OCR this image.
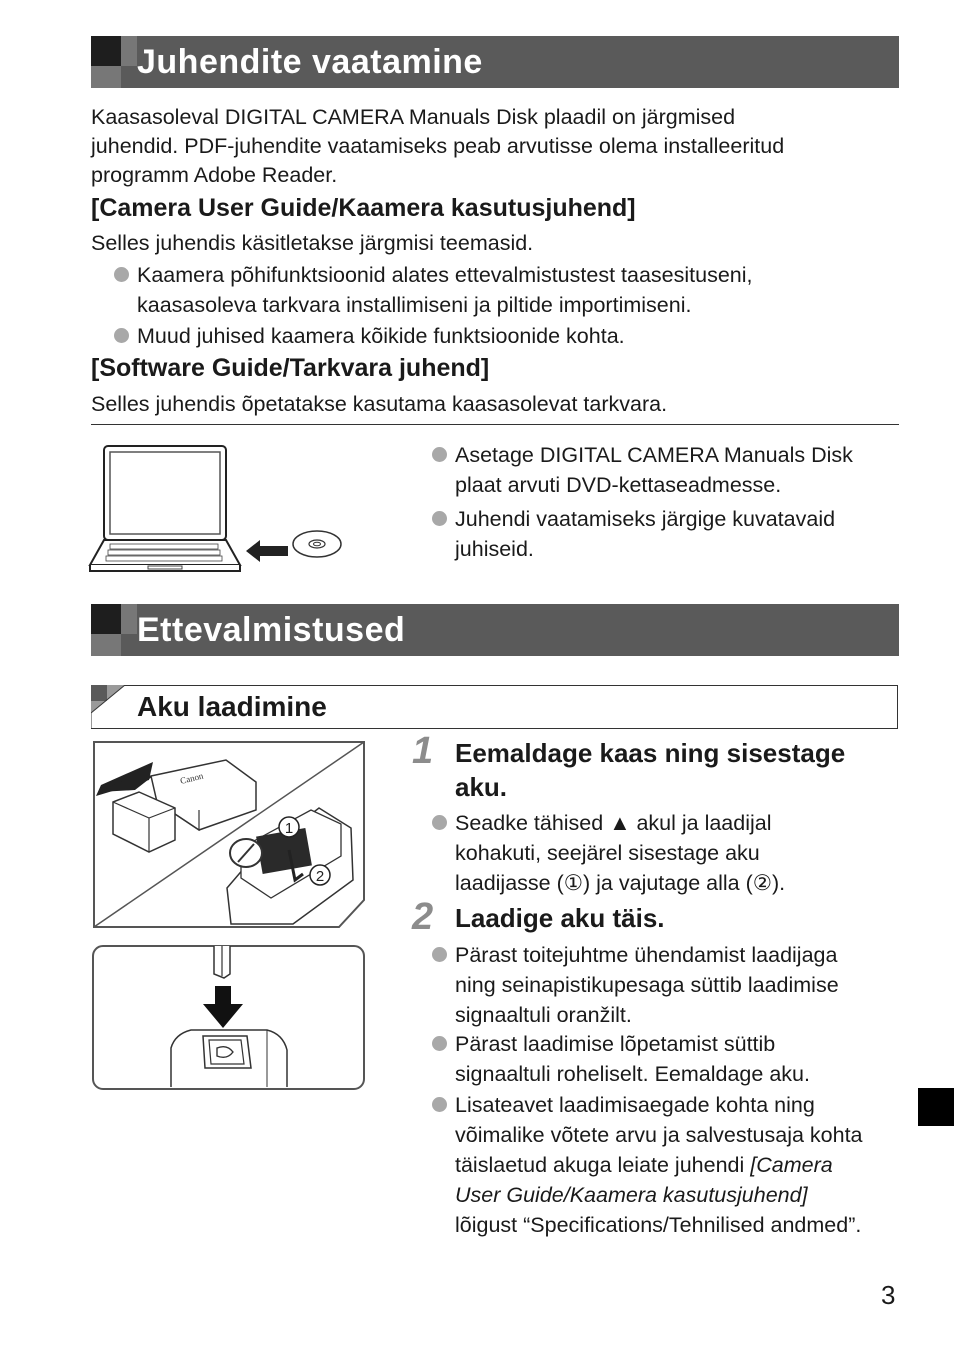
Juhendite vaatamine

Kaasasoleval DIGITAL CAMERA Manuals Disk plaadil on järgmised
juhendid. PDF-juhendite vaatamiseks peab arvutisse olema installeeritud
programm Adobe Reader.

[Camera User Guide/Kaamera kasutusjuhend]
Selles juhendis käsitletakse järgmisi teemasid.
Kaamera põhifunktsioonid alates ettevalmistustest taasesituseni,
kaasasoleva tarkvara installimiseni ja piltide importimiseni.
Muud juhised kaamera kõikide funktsioonide kohta.
[Software Guide/Tarkvara juhend]
Selles juhendis õpetatakse kasutama kaasasolevat tarkvara.
Asetage DIGITAL CAMERA Manuals Disk
plaat arvuti DVD-kettaseadmesse.
Juhendi vaatamiseks järgige kuvatavaid
juhiseid.
Ettevalmistused
Aku laadimine
Canon
1
2
1 Eemaldage kaas ning sisestage
aku.
Seadke tähised ▲ akul ja laadijal
kohakuti, seejärel sisestage aku
laadijasse (①) ja vajutage alla (②).
2 Laadige aku täis.
Pärast toitejuhtme ühendamist laadijaga
ning seinapistikupesaga süttib laadimise
signaaltuli oranžilt.
Pärast laadimise lõpetamist süttib
signaaltuli roheliselt. Eemaldage aku.
Lisateavet laadimisaegade kohta ning
võimalike võtete arvu ja salvestusaja kohta
täislaetud akuga leiate juhendi [Camera
User Guide/Kaamera kasutusjuhend]
lõigust “Specifications/Tehnilised andmed”.
3
